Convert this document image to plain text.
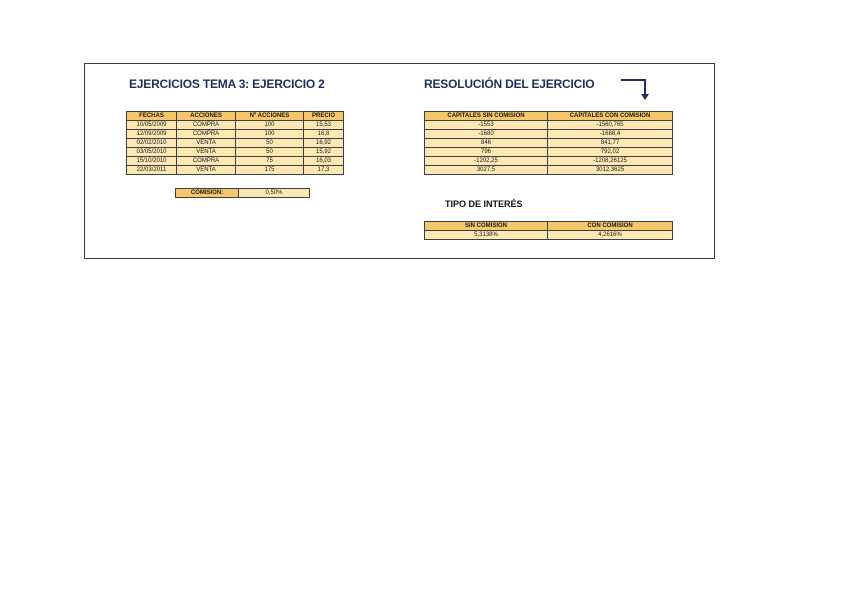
EJERCICIOS TEMA 3: EJERCICIO 2
FECHAS	ACCIONES	Nº ACCIONES	PRECIO
10/05/2009	COMPRA	100	15,53
12/09/2009	COMPRA	100	16,8
02/02/2010	VENTA	50	16,92
03/05/2010	VENTA	50	15,92
15/10/2010	COMPRA	75	16,03
22/03/2011	VENTA	175	17,3
COMISIÓN:	0,50%
RESOLUCIÓN DEL EJERCICIO
CAPITALES SIN COMISIÓN	CAPITALES CON COMISIÓN
-1553	-1560,765
-1680	-1688,4
846	841,77
796	792,02
-1202,25	-1208,26125
3027,5	3012,3625
TIPO DE INTERÉS
SIN COMISIÓN	CON COMISIÓN
5,3138%	4,2616%
